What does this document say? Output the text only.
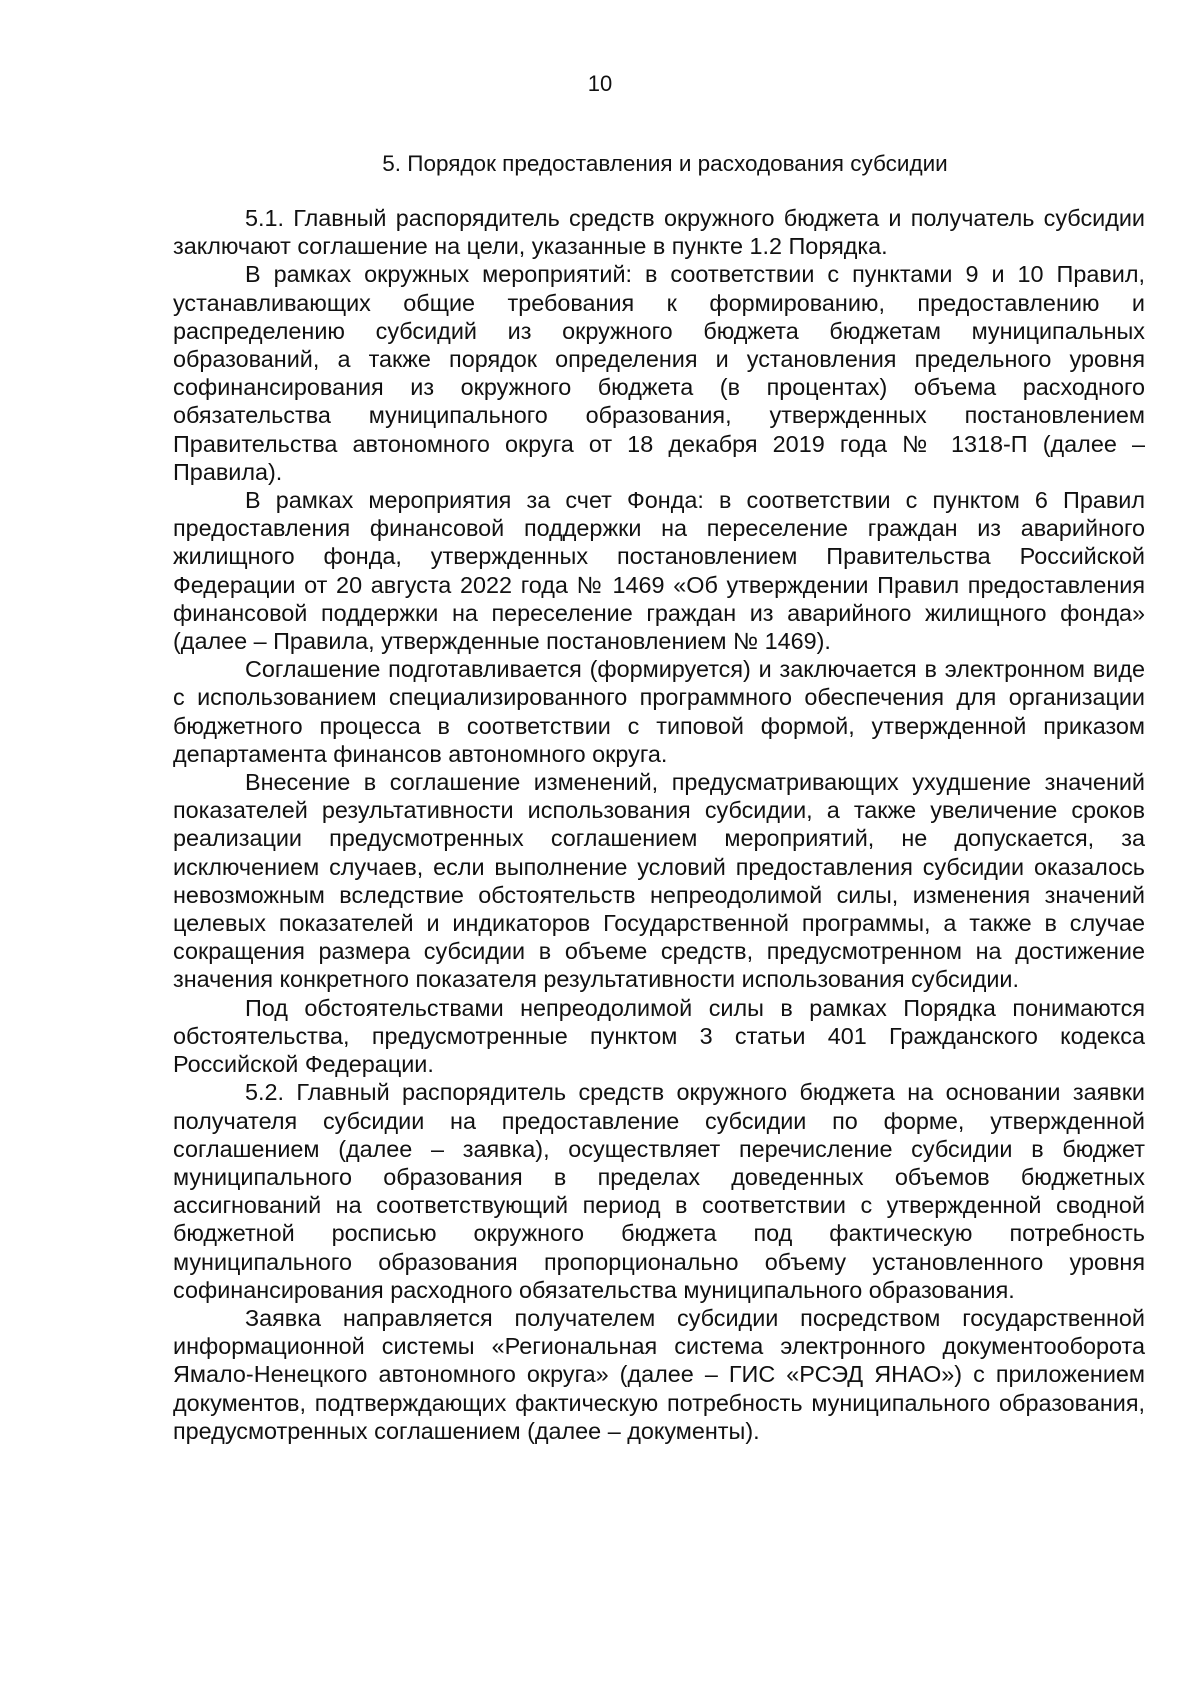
10
5. Порядок предоставления и расходования субсидии

5.1. Главный распорядитель средств окружного бюджета и получатель субсидии заключают соглашение на цели, указанные в пункте 1.2 Порядка.

В рамках окружных мероприятий: в соответствии с пунктами 9 и 10 Правил, устанавливающих общие требования к формированию, предоставлению и распределению субсидий из окружного бюджета бюджетам муниципальных образований, а также порядок определения и установления предельного уровня софинансирования из окружного бюджета (в процентах) объема расходного обязательства муниципального образования, утвержденных постановлением Правительства автономного округа от 18 декабря 2019 года № 1318-П (далее – Правила).

В рамках мероприятия за счет Фонда: в соответствии с пунктом 6 Правил предоставления финансовой поддержки на переселение граждан из аварийного жилищного фонда, утвержденных постановлением Правительства Российской Федерации от 20 августа 2022 года № 1469 «Об утверждении Правил предоставления финансовой поддержки на переселение граждан из аварийного жилищного фонда» (далее – Правила, утвержденные постановлением № 1469).

Соглашение подготавливается (формируется) и заключается в электронном виде с использованием специализированного программного обеспечения для организации бюджетного процесса в соответствии с типовой формой, утвержденной приказом департамента финансов автономного округа.

Внесение в соглашение изменений, предусматривающих ухудшение значений показателей результативности использования субсидии, а также увеличение сроков реализации предусмотренных соглашением мероприятий, не допускается, за исключением случаев, если выполнение условий предоставления субсидии оказалось невозможным вследствие обстоятельств непреодолимой силы, изменения значений целевых показателей и индикаторов Государственной программы, а также в случае сокращения размера субсидии в объеме средств, предусмотренном на достижение значения конкретного показателя результативности использования субсидии.

Под обстоятельствами непреодолимой силы в рамках Порядка понимаются обстоятельства, предусмотренные пунктом 3 статьи 401 Гражданского кодекса Российской Федерации.

5.2. Главный распорядитель средств окружного бюджета на основании заявки получателя субсидии на предоставление субсидии по форме, утвержденной соглашением (далее – заявка), осуществляет перечисление субсидии в бюджет муниципального образования в пределах доведенных объемов бюджетных ассигнований на соответствующий период в соответствии с утвержденной сводной бюджетной росписью окружного бюджета под фактическую потребность муниципального образования пропорционально объему установленного уровня софинансирования расходного обязательства муниципального образования.

Заявка направляется получателем субсидии посредством государственной информационной системы «Региональная система электронного документооборота Ямало-Ненецкого автономного округа» (далее – ГИС «РСЭД ЯНАО») с приложением документов, подтверждающих фактическую потребность муниципального образования, предусмотренных соглашением (далее – документы).
